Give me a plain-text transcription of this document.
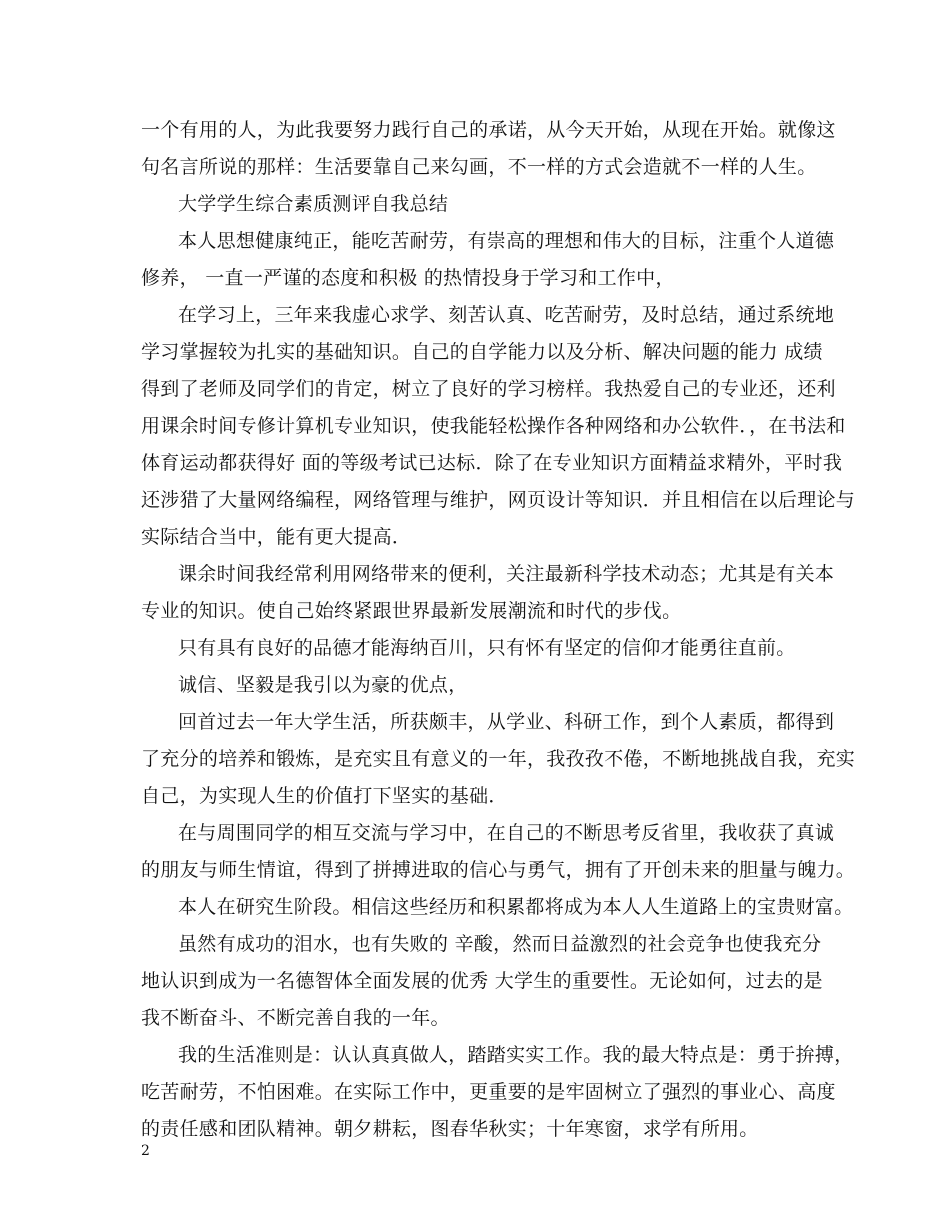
一个有用的人，为此我要努力践行自己的承诺，从今天开始，从现在开始。就像这
句名言所说的那样：生活要靠自己来勾画，不一样的方式会造就不一样的人生。
大学学生综合素质测评自我总结
本人思想健康纯正，能吃苦耐劳，有崇高的理想和伟大的目标，注重个人道德
修养， 一直一严谨的态度和积极 的热情投身于学习和工作中，
在学习上，三年来我虚心求学、刻苦认真、吃苦耐劳，及时总结，通过系统地
学习掌握较为扎实的基础知识。自己的自学能力以及分析、解决问题的能力 成绩
得到了老师及同学们的肯定，树立了良好的学习榜样。我热爱自己的专业还，还利
用课余时间专修计算机专业知识，使我能轻松操作各种网络和办公软件．，在书法和
体育运动都获得好 面的等级考试已达标．除了在专业知识方面精益求精外，平时我
还涉猎了大量网络编程，网络管理与维护，网页设计等知识．并且相信在以后理论与
实际结合当中，能有更大提高．
课余时间我经常利用网络带来的便利，关注最新科学技术动态；尤其是有关本
专业的知识。使自己始终紧跟世界最新发展潮流和时代的步伐。
只有具有良好的品德才能海纳百川，只有怀有坚定的信仰才能勇往直前。
诚信、坚毅是我引以为豪的优点，
回首过去一年大学生活，所获颇丰，从学业、科研工作，到个人素质，都得到
了充分的培养和锻炼，是充实且有意义的一年，我孜孜不倦，不断地挑战自我，充实
自己，为实现人生的价值打下坚实的基础．
在与周围同学的相互交流与学习中，在自己的不断思考反省里，我收获了真诚
的朋友与师生情谊，得到了拼搏进取的信心与勇气，拥有了开创未来的胆量与魄力。
本人在研究生阶段。相信这些经历和积累都将成为本人人生道路上的宝贵财富。
虽然有成功的泪水，也有失败的 辛酸，然而日益激烈的社会竞争也使我充分
地认识到成为一名德智体全面发展的优秀 大学生的重要性。无论如何，过去的是
我不断奋斗、不断完善自我的一年。
我的生活准则是：认认真真做人，踏踏实实工作。我的最大特点是：勇于拚搏，
吃苦耐劳，不怕困难。在实际工作中，更重要的是牢固树立了强烈的事业心、高度
的责任感和团队精神。朝夕耕耘，图春华秋实；十年寒窗，求学有所用。
2
